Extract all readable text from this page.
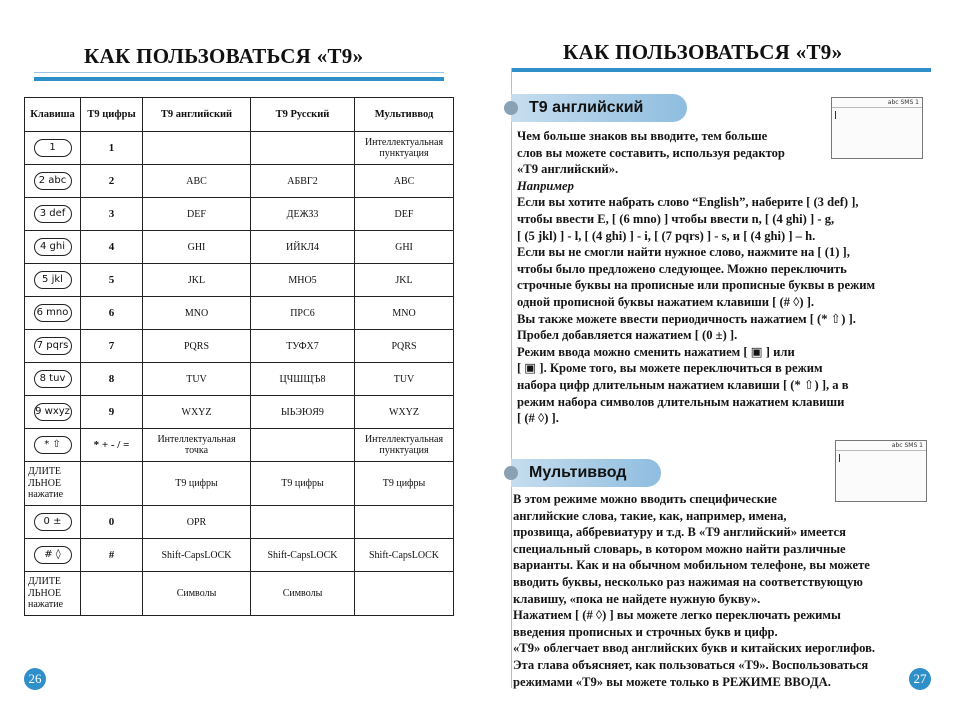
КАК ПОЛЬЗОВАТЬСЯ «Т9»
Клавиша	T9 цифры	T9 английский	T9 Русский	Мультиввод
1	1			Интеллектуальная пунктуация
2 abc	2	ABC	АБВГ2	ABC
3 def	3	DEF	ДЕЖЗ3	DEF
4 ghi	4	GHI	ИЙКЛ4	GHI
5 jkl	5	JKL	МНО5	JKL
6 mno	6	MNO	ПРС6	MNO
7 pqrs	7	PQRS	ТУФХ7	PQRS
8 tuv	8	TUV	ЦЧШЩЪ8	TUV
9 wxyz	9	WXYZ	ЫЬЭЮЯ9	WXYZ
* ⇧	* + - / =	Интеллектуальная точка		Интеллектуальная пунктуация
ДЛИТЕ ЛЬНОЕ нажатие		T9 цифры	T9 цифры	T9 цифры
0 ±	0	OPR		
# ◊	#	Shift-CapsLOCK	Shift-CapsLOCK	Shift-CapsLOCK
ДЛИТЕ ЛЬНОЕ нажатие		Символы	Символы	
26
КАК ПОЛЬЗОВАТЬСЯ «Т9»
T9 английский	abc SMS 1

Чем больше знаков вы вводите, тем больше

слов вы можете составить, используя редактор

«Т9 английский».

Например

Если вы хотите набрать слово “English”, наберите [ (3 def) ],

чтобы ввести E, [ (6 mno) ] чтобы ввести n, [ (4 ghi) ] - g,

[ (5 jkl) ] - l, [ (4 ghi) ] - i, [ (7 pqrs) ] - s, и [ (4 ghi) ] – h.

Если вы не смогли найти нужное слово, нажмите на [ (1) ],

чтобы было предложено следующее. Можно переключить

строчные буквы на прописные или прописные буквы в режим

одной прописной буквы нажатием клавиши [ (# ◊) ].

Вы также можете ввести периодичность нажатием [ (* ⇧) ].

Пробел добавляется нажатием [ (0 ±) ].

Режим ввода можно сменить нажатием [ ▣ ] или

[ ▣ ]. Кроме того, вы можете переключиться в режим

набора цифр длительным нажатием клавиши [ (* ⇧) ], а в

режим набора символов длительным нажатием клавиши

[ (# ◊) ].

Мультиввод
abc SMS 1

В этом режиме можно вводить специфические

английские слова, такие, как, например, имена,

прозвища, аббревиатуру и т.д. В «Т9 английский» имеется

специальный словарь, в котором можно найти различные

варианты. Как и на обычном мобильном телефоне, вы можете

вводить буквы, несколько раз нажимая на соответствующую

клавишу, «пока не найдете нужную букву».

Нажатием [ (# ◊) ] вы можете легко переключать режимы

введения прописных и строчных букв и цифр.

«Т9» облегчает ввод английских букв и китайских иероглифов.

Эта глава объясняет, как пользоваться «Т9». Воспользоваться

режимами «Т9» вы можете только в РЕЖИМЕ ВВОДА.	27
